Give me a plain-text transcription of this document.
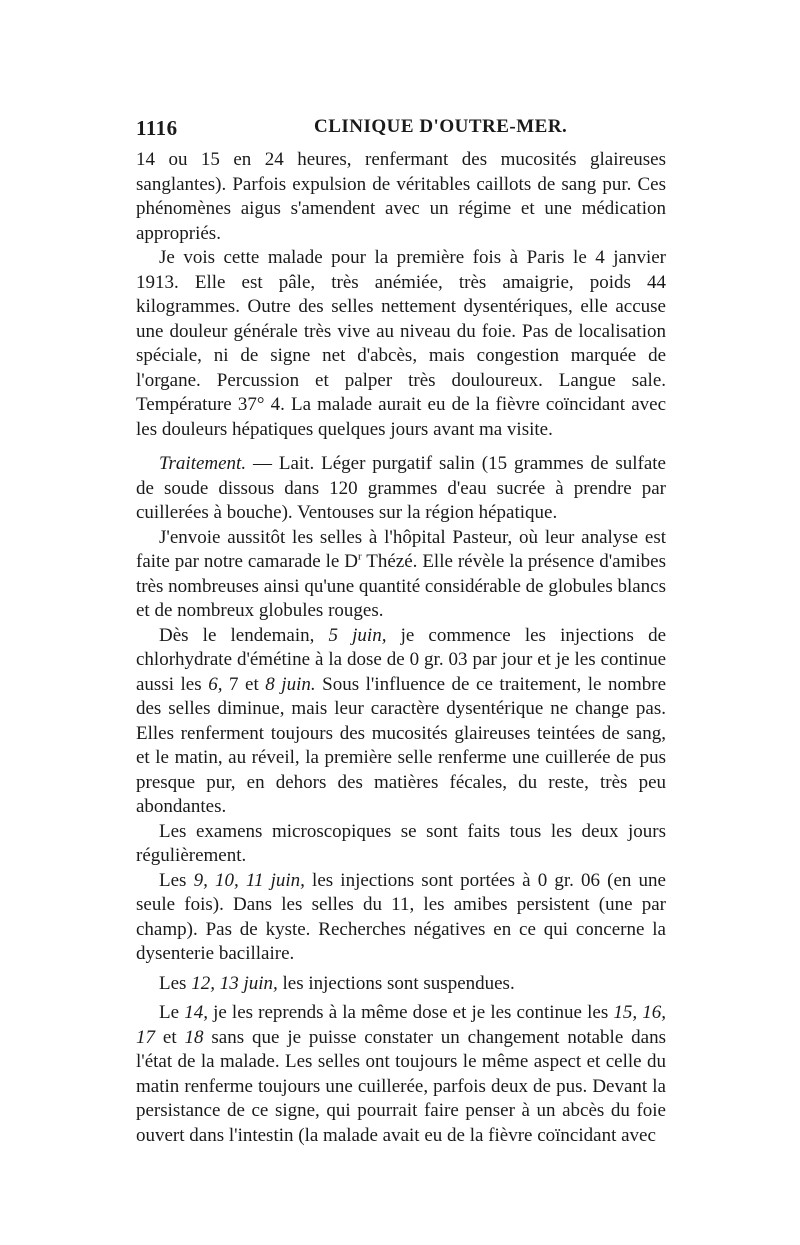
1116	CLINIQUE D'OUTRE-MER.

14 ou 15 en 24 heures, renfermant des mucosités glaireuses sanglantes). Parfois expulsion de véritables caillots de sang pur. Ces phénomènes aigus s'amendent avec un régime et une médication appropriés.

Je vois cette malade pour la première fois à Paris le 4 janvier 1913. Elle est pâle, très anémiée, très amaigrie, poids 44 kilogrammes. Outre des selles nettement dysentériques, elle accuse une douleur générale très vive au niveau du foie. Pas de localisation spéciale, ni de signe net d'abcès, mais congestion marquée de l'organe. Percussion et palper très douloureux. Langue sale. Température 37° 4. La malade aurait eu de la fièvre coïncidant avec les douleurs hépatiques quelques jours avant ma visite.

Traitement. — Lait. Léger purgatif salin (15 grammes de sulfate de soude dissous dans 120 grammes d'eau sucrée à prendre par cuillerées à bouche). Ventouses sur la région hépatique.

J'envoie aussitôt les selles à l'hôpital Pasteur, où leur analyse est faite par notre camarade le $D^r$ Thézé. Elle révèle la présence d'amibes très nombreuses ainsi qu'une quantité considérable de globules blancs et de nombreux globules rouges.

Dès le lendemain, 5 juin, je commence les injections de chlorhydrate d'émétine à la dose de 0 gr. 03 par jour et je les continue aussi les 6, 7 et 8 juin. Sous l'influence de ce traitement, le nombre des selles diminue, mais leur caractère dysentérique ne change pas. Elles renferment toujours des mucosités glaireuses teintées de sang, et le matin, au réveil, la première selle renferme une cuillerée de pus presque pur, en dehors des matières fécales, du reste, très peu abondantes.

Les examens microscopiques se sont faits tous les deux jours régulièrement.

Les 9, 10, 11 juin, les injections sont portées à 0 gr. 06 (en une seule fois). Dans les selles du 11, les amibes persistent (une par champ). Pas de kyste. Recherches négatives en ce qui concerne la dysenterie bacillaire.

Les 12, 13 juin, les injections sont suspendues.

Le 14, je les reprends à la même dose et je les continue les 15, 16, 17 et 18 sans que je puisse constater un changement notable dans l'état de la malade. Les selles ont toujours le même aspect et celle du matin renferme toujours une cuillerée, parfois deux de pus. Devant la persistance de ce signe, qui pourrait faire penser à un abcès du foie ouvert dans l'intestin (la malade avait eu de la fièvre coïncidant avec
